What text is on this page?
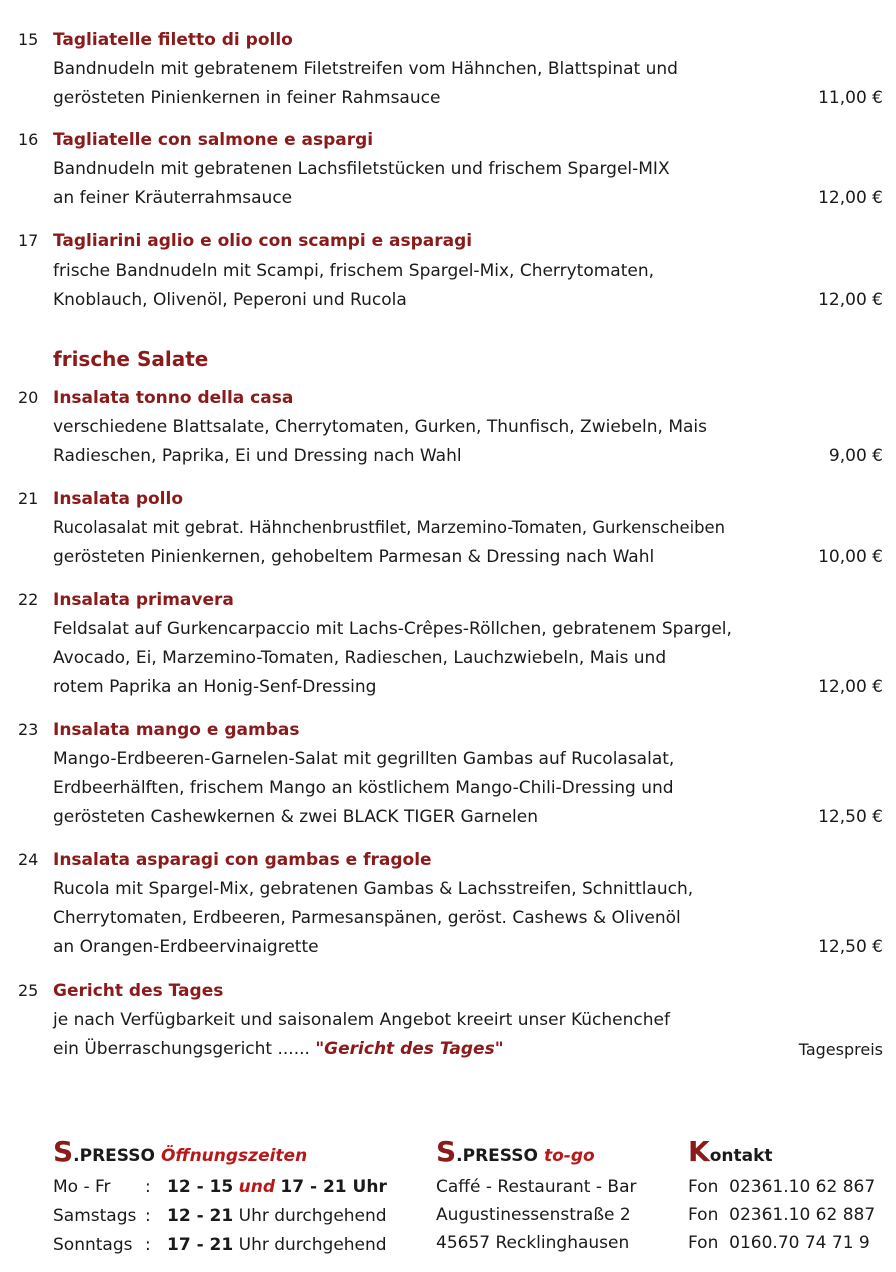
15 Tagliatelle filetto di pollo
Bandnudeln mit gebratenem Filetstreifen vom Hähnchen, Blattspinat und
gerösteten Pinienkernen in feiner Rahmsauce	11,00 €
16 Tagliatelle con salmone e aspargi
Bandnudeln mit gebratenen Lachsfiletstücken und frischem Spargel-MIX
an feiner Kräuterrahmsauce	12,00 €
17 Tagliarini aglio e olio con scampi e asparagi
frische Bandnudeln mit Scampi, frischem Spargel-Mix, Cherrytomaten,
Knoblauch, Olivenöl, Peperoni und Rucola	12,00 €
frische Salate
20 Insalata tonno della casa
verschiedene Blattsalate, Cherrytomaten, Gurken, Thunfisch, Zwiebeln, Mais
Radieschen, Paprika, Ei und Dressing nach Wahl	9,00 €
21 Insalata pollo
Rucolasalat mit gebrat. Hähnchenbrustfilet, Marzemino-Tomaten, Gurkenscheiben
gerösteten Pinienkernen, gehobeltem Parmesan & Dressing nach Wahl	10,00 €
22 Insalata primavera
Feldsalat auf Gurkencarpaccio mit Lachs-Crêpes-Röllchen, gebratenem Spargel,
Avocado, Ei, Marzemino-Tomaten, Radieschen, Lauchzwiebeln, Mais und
rotem Paprika an Honig-Senf-Dressing	12,00 €
23 Insalata mango e gambas
Mango-Erdbeeren-Garnelen-Salat mit gegrillten Gambas auf Rucolasalat,
Erdbeerhälften, frischem Mango an köstlichem Mango-Chili-Dressing und
gerösteten Cashewkernen & zwei BLACK TIGER Garnelen	12,50 €
24 Insalata asparagi con gambas e fragole
Rucola mit Spargel-Mix, gebratenen Gambas & Lachsstreifen, Schnittlauch,
Cherrytomaten, Erdbeeren, Parmesanspänen, geröst. Cashews & Olivenöl
an Orangen-Erdbeervinaigrette	12,50 €
25 Gericht des Tages
je nach Verfügbarkeit und saisonalem Angebot kreeirt unser Küchenchef
ein Überraschungsgericht ...... "Gericht des Tages"	Tagespreis
S.PRESSO Öffnungszeiten
Mo - Fr : 12 - 15 und 17 - 21 Uhr
Samstags : 12 - 21 Uhr durchgehend
Sonntags : 17 - 21 Uhr durchgehend
S.PRESSO to-go
Caffé - Restaurant - Bar
Augustinessenstraße 2
45657 Recklinghausen
Kontakt
Fon  02361.10 62 867
Fon  02361.10 62 887
Fon  0160.70 74 71 9
